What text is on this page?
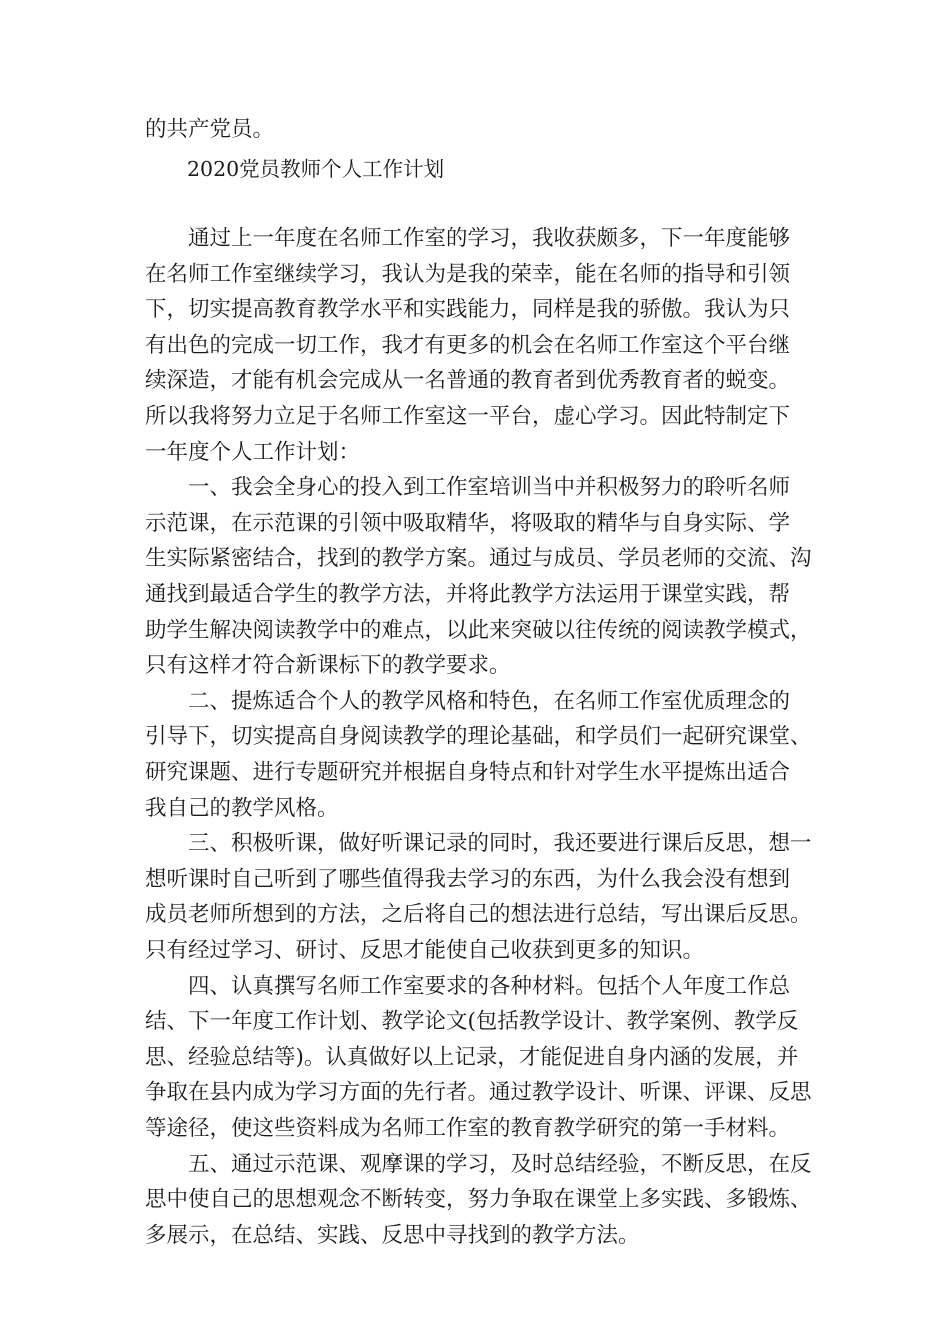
的共产党员。
2020党员教师个人工作计划
　　通过上一年度在名师工作室的学习，我收获颇多，下一年度能够
在名师工作室继续学习，我认为是我的荣幸，能在名师的指导和引领
下，切实提高教育教学水平和实践能力，同样是我的骄傲。我认为只
有出色的完成一切工作，我才有更多的机会在名师工作室这个平台继
续深造，才能有机会完成从一名普通的教育者到优秀教育者的蜕变。
所以我将努力立足于名师工作室这一平台，虚心学习。因此特制定下
一年度个人工作计划：
　　一、我会全身心的投入到工作室培训当中并积极努力的聆听名师
示范课，在示范课的引领中吸取精华，将吸取的精华与自身实际、学
生实际紧密结合，找到的教学方案。通过与成员、学员老师的交流、沟
通找到最适合学生的教学方法，并将此教学方法运用于课堂实践，帮
助学生解决阅读教学中的难点，以此来突破以往传统的阅读教学模式，
只有这样才符合新课标下的教学要求。
　　二、提炼适合个人的教学风格和特色，在名师工作室优质理念的
引导下，切实提高自身阅读教学的理论基础，和学员们一起研究课堂、
研究课题、进行专题研究并根据自身特点和针对学生水平提炼出适合
我自己的教学风格。
　　三、积极听课，做好听课记录的同时，我还要进行课后反思，想一
想听课时自己听到了哪些值得我去学习的东西，为什么我会没有想到
成员老师所想到的方法，之后将自己的想法进行总结，写出课后反思。
只有经过学习、研讨、反思才能使自己收获到更多的知识。
　　四、认真撰写名师工作室要求的各种材料。包括个人年度工作总
结、下一年度工作计划、教学论文(包括教学设计、教学案例、教学反
思、经验总结等)。认真做好以上记录，才能促进自身内涵的发展，并
争取在县内成为学习方面的先行者。通过教学设计、听课、评课、反思
等途径，使这些资料成为名师工作室的教育教学研究的第一手材料。
　　五、通过示范课、观摩课的学习，及时总结经验，不断反思，在反
思中使自己的思想观念不断转变，努力争取在课堂上多实践、多锻炼、
多展示，在总结、实践、反思中寻找到的教学方法。
